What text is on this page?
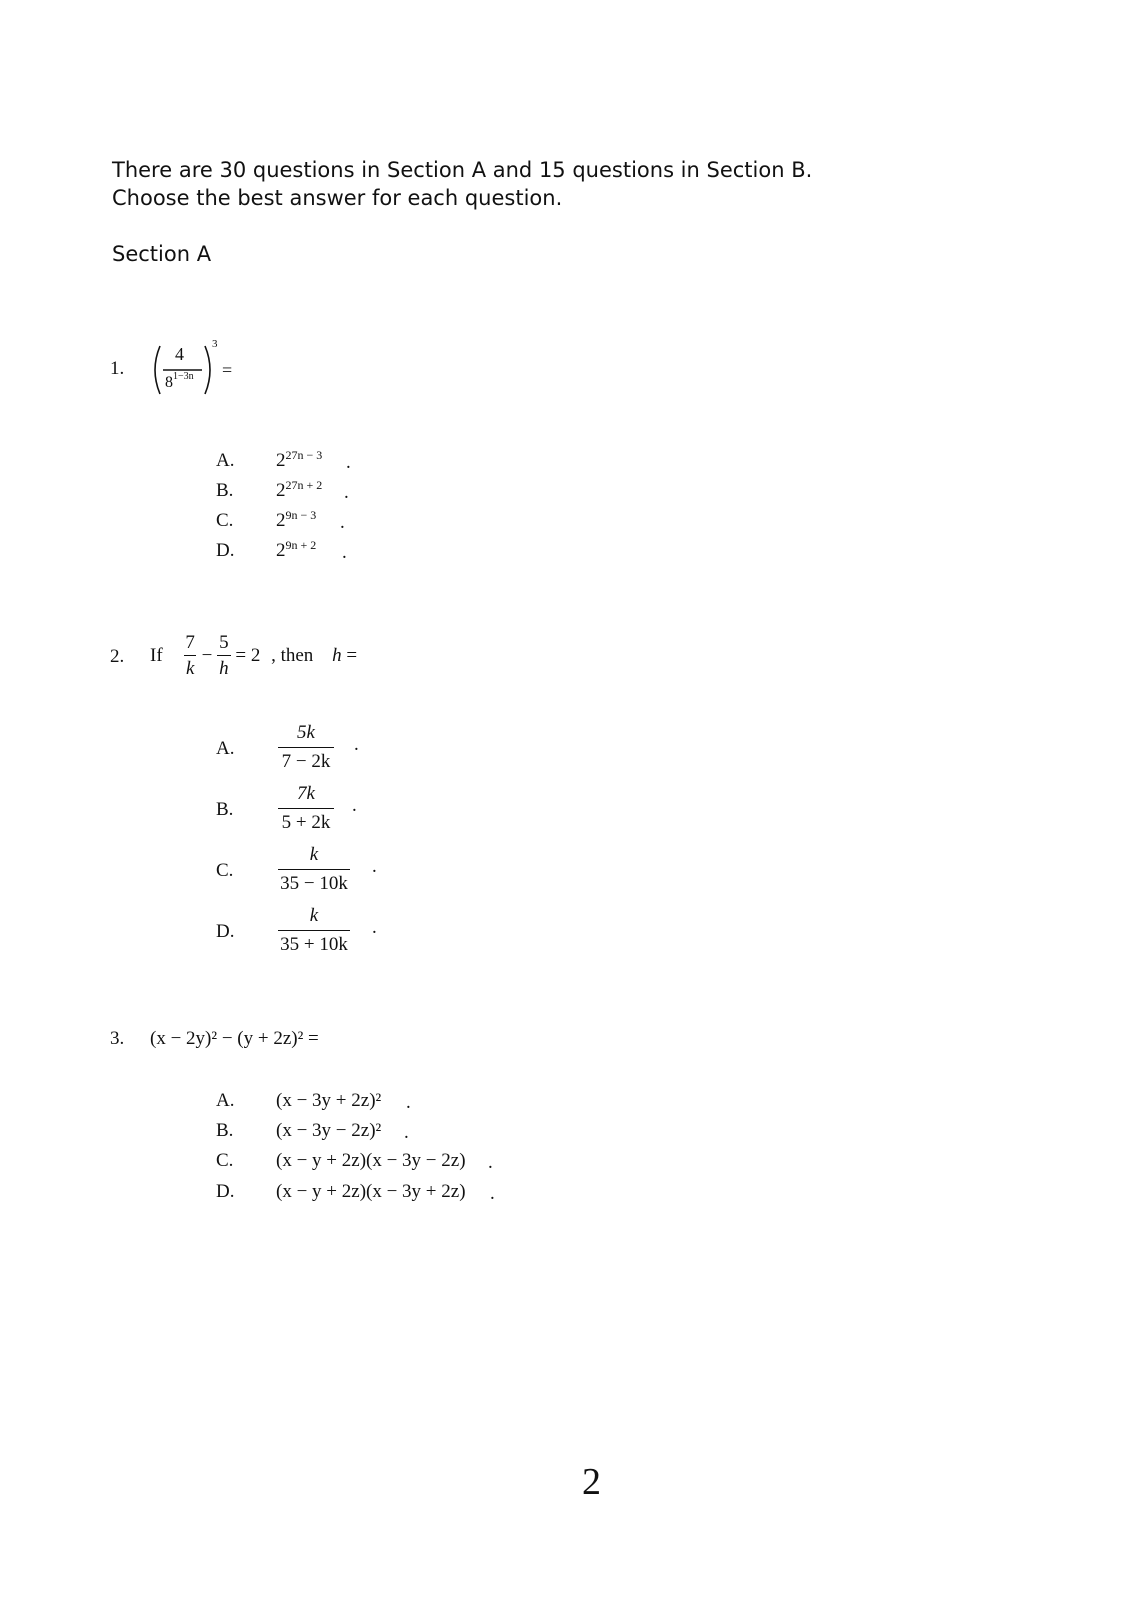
There are 30 questions in Section A and 15 questions in Section B.
Choose the best answer for each question.
Section A
1.
4
$8^{1-3n}$
3
=
A. $2^{27n - 3}$ .
B. $2^{27n + 2}$ .
C. $2^{9n - 3}$ .
D. $2^{9n + 2}$ .
2. If $\frac{7}{k} - \frac{5}{h} = 2$ , then h =
A.
5k
7 − 2k
.
B.
7k
5 + 2k
.
C.
k
35 − 10k
.
D.
k
35 + 10k
.
3. (x − 2y)² − (y + 2z)² =
A. (x − 3y + 2z)² .
B. (x − 3y − 2z)² .
C. (x − y + 2z)(x − 3y − 2z) .
D. (x − y + 2z)(x − 3y + 2z) .
2
